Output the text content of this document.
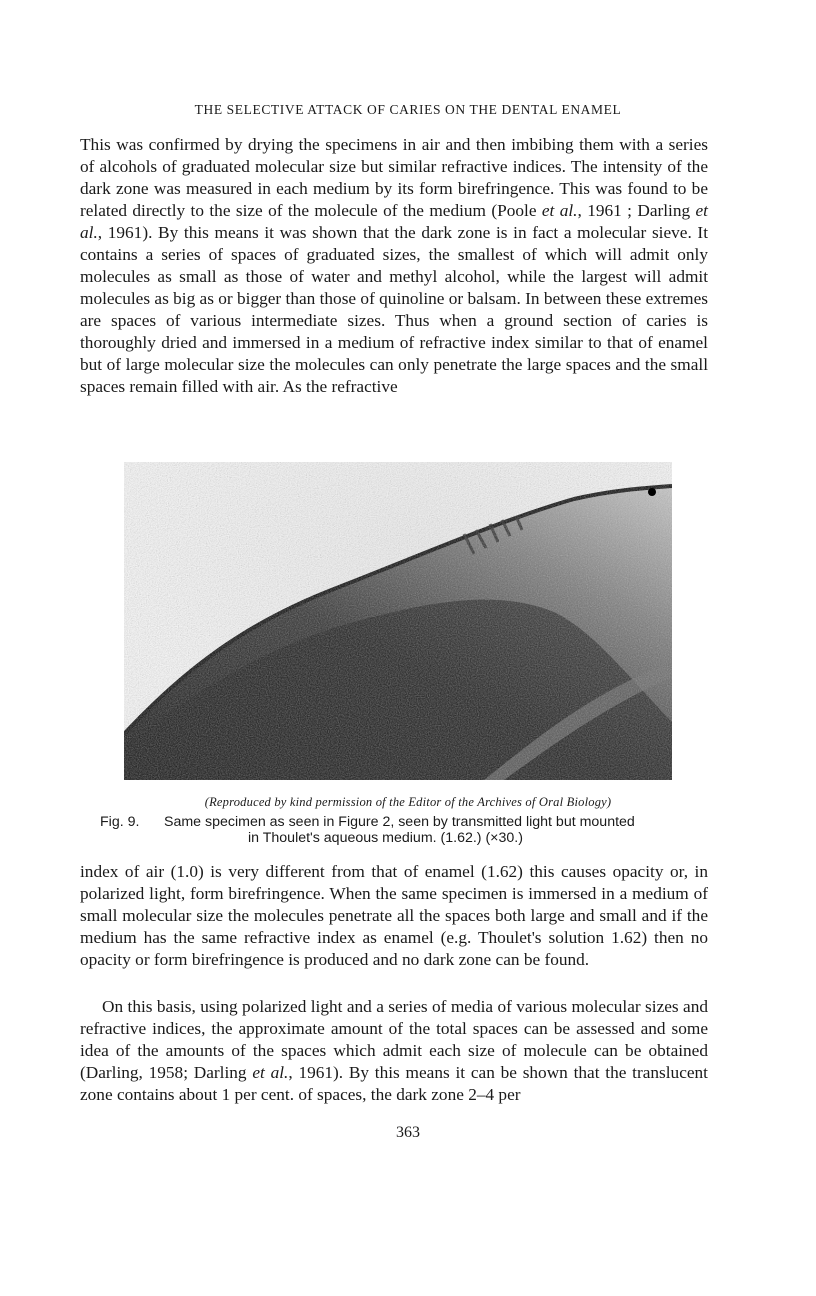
THE SELECTIVE ATTACK OF CARIES ON THE DENTAL ENAMEL

This was confirmed by drying the specimens in air and then imbibing them with a series of alcohols of graduated molecular size but similar refractive indices. The intensity of the dark zone was measured in each medium by its form birefringence. This was found to be related directly to the size of the molecule of the medium (Poole et al., 1961 ; Darling et al., 1961). By this means it was shown that the dark zone is in fact a molecular sieve. It contains a series of spaces of graduated sizes, the smallest of which will admit only molecules as small as those of water and methyl alcohol, while the largest will admit molecules as big as or bigger than those of quinoline or balsam. In between these extremes are spaces of various intermediate sizes. Thus when a ground section of caries is thoroughly dried and immersed in a medium of refractive index similar to that of enamel but of large molecular size the molecules can only penetrate the large spaces and the small spaces remain filled with air. As the refractive

(Reproduced by kind permission of the Editor of the Archives of Oral Biology)
Fig. 9. Same specimen as seen in Figure 2, seen by transmitted light but mounted
in Thoulet's aqueous medium. (1.62.) (×30.)

index of air (1.0) is very different from that of enamel (1.62) this causes opacity or, in polarized light, form birefringence. When the same specimen is immersed in a medium of small molecular size the molecules penetrate all the spaces both large and small and if the medium has the same refractive index as enamel (e.g. Thoulet's solution 1.62) then no opacity or form birefringence is produced and no dark zone can be found.

On this basis, using polarized light and a series of media of various molecular sizes and refractive indices, the approximate amount of the total spaces can be assessed and some idea of the amounts of the spaces which admit each size of molecule can be obtained (Darling, 1958; Darling et al., 1961). By this means it can be shown that the translucent zone contains about 1 per cent. of spaces, the dark zone 2–4 per

363
